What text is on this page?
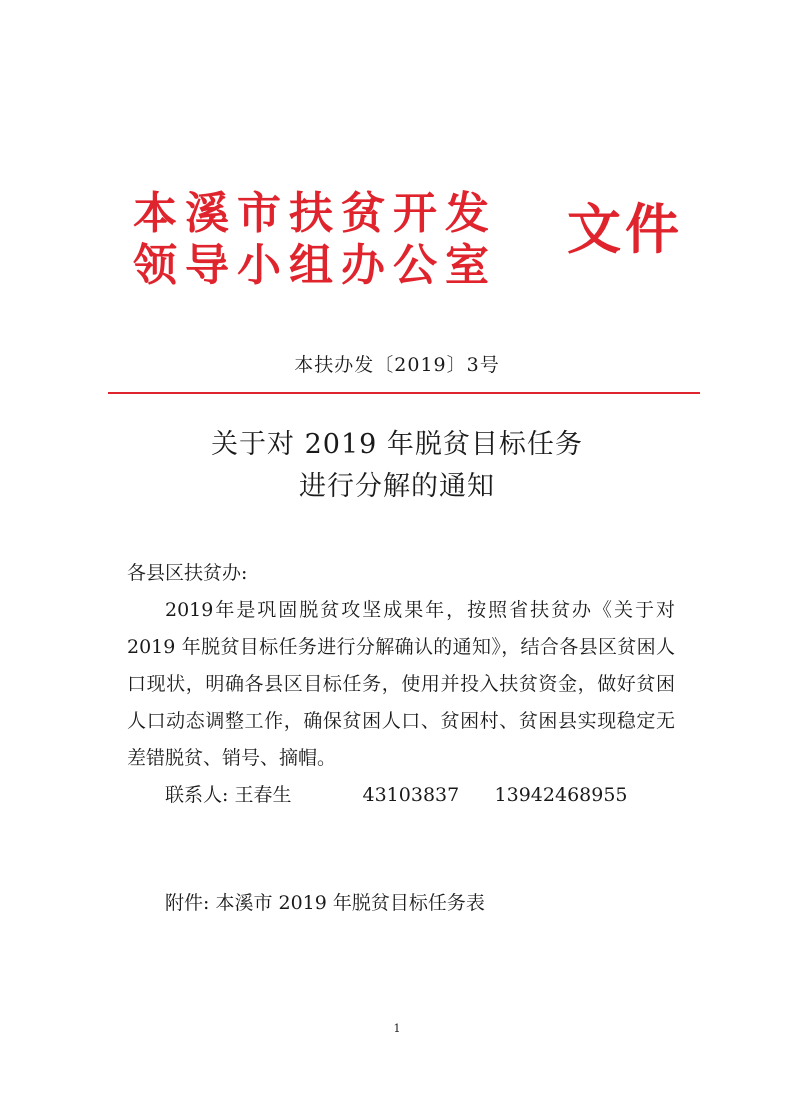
本溪市扶贫开发
领导小组办公室
文件
本扶办发〔2019〕3号
关于对 2019 年脱贫目标任务
进行分解的通知

各县区扶贫办:

2019年是巩固脱贫攻坚成果年，按照省扶贫办《关于对 2019 年脱贫目标任务进行分解确认的通知》，结合各县区贫困人口现状，明确各县区目标任务，使用并投入扶贫资金，做好贫困人口动态调整工作，确保贫困人口、贫困村、贫困县实现稳定无差错脱贫、销号、摘帽。

联系人: 王春生	43103837 13942468955

附件: 本溪市 2019 年脱贫目标任务表
1
